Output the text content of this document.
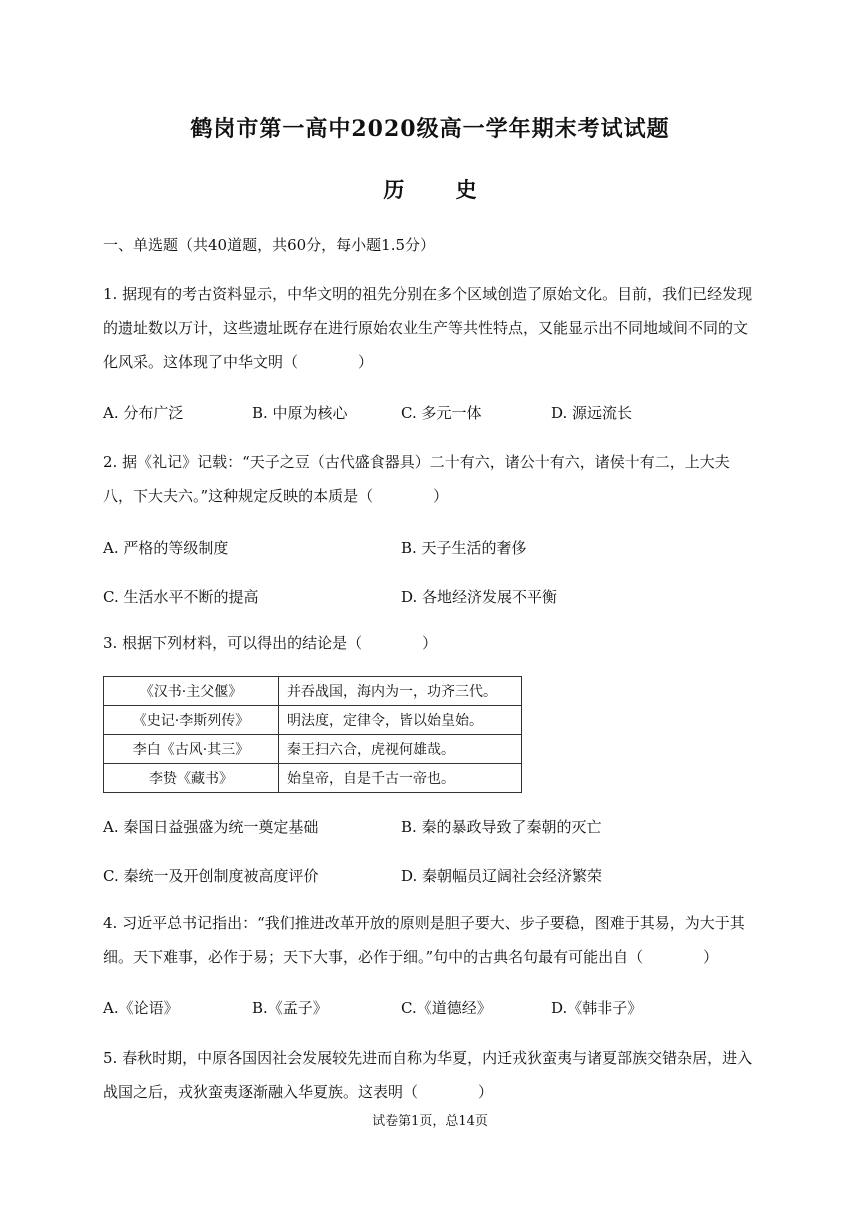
鹤岗市第一高中2020级高一学年期末考试试题
历 史
一、单选题（共40道题，共60分，每小题1.5分）
1. 据现有的考古资料显示，中华文明的祖先分别在多个区域创造了原始文化。目前，我们已经发现的遗址数以万计，这些遗址既存在进行原始农业生产等共性特点，又能显示出不同地域间不同的文化风采。这体现了中华文明（　　　　）
A. 分布广泛	B. 中原为核心	C. 多元一体	D. 源远流长
2. 据《礼记》记载：“天子之豆（古代盛食器具）二十有六，诸公十有六，诸侯十有二，上大夫八，下大夫六。”这种规定反映的本质是（　　　　）
A. 严格的等级制度	B. 天子生活的奢侈
C. 生活水平不断的提高	D. 各地经济发展不平衡
3. 根据下列材料，可以得出的结论是（　　　　）
《汉书·主父偃》	并吞战国，海内为一，功齐三代。
《史记·李斯列传》	明法度，定律令，皆以始皇始。
李白《古风·其三》	秦王扫六合，虎视何雄哉。
李贽《藏书》	始皇帝，自是千古一帝也。
A. 秦国日益强盛为统一奠定基础	B. 秦的暴政导致了秦朝的灭亡
C. 秦统一及开创制度被高度评价	D. 秦朝幅员辽阔社会经济繁荣
4. 习近平总书记指出：“我们推进改革开放的原则是胆子要大、步子要稳，图难于其易，为大于其细。天下难事，必作于易；天下大事，必作于细。”句中的古典名句最有可能出自（　　　　）
A.《论语》	B.《孟子》	C.《道德经》	D.《韩非子》
5. 春秋时期，中原各国因社会发展较先进而自称为华夏，内迁戎狄蛮夷与诸夏部族交错杂居，进入战国之后，戎狄蛮夷逐渐融入华夏族。这表明（　　　　）
试卷第1页，总14页
